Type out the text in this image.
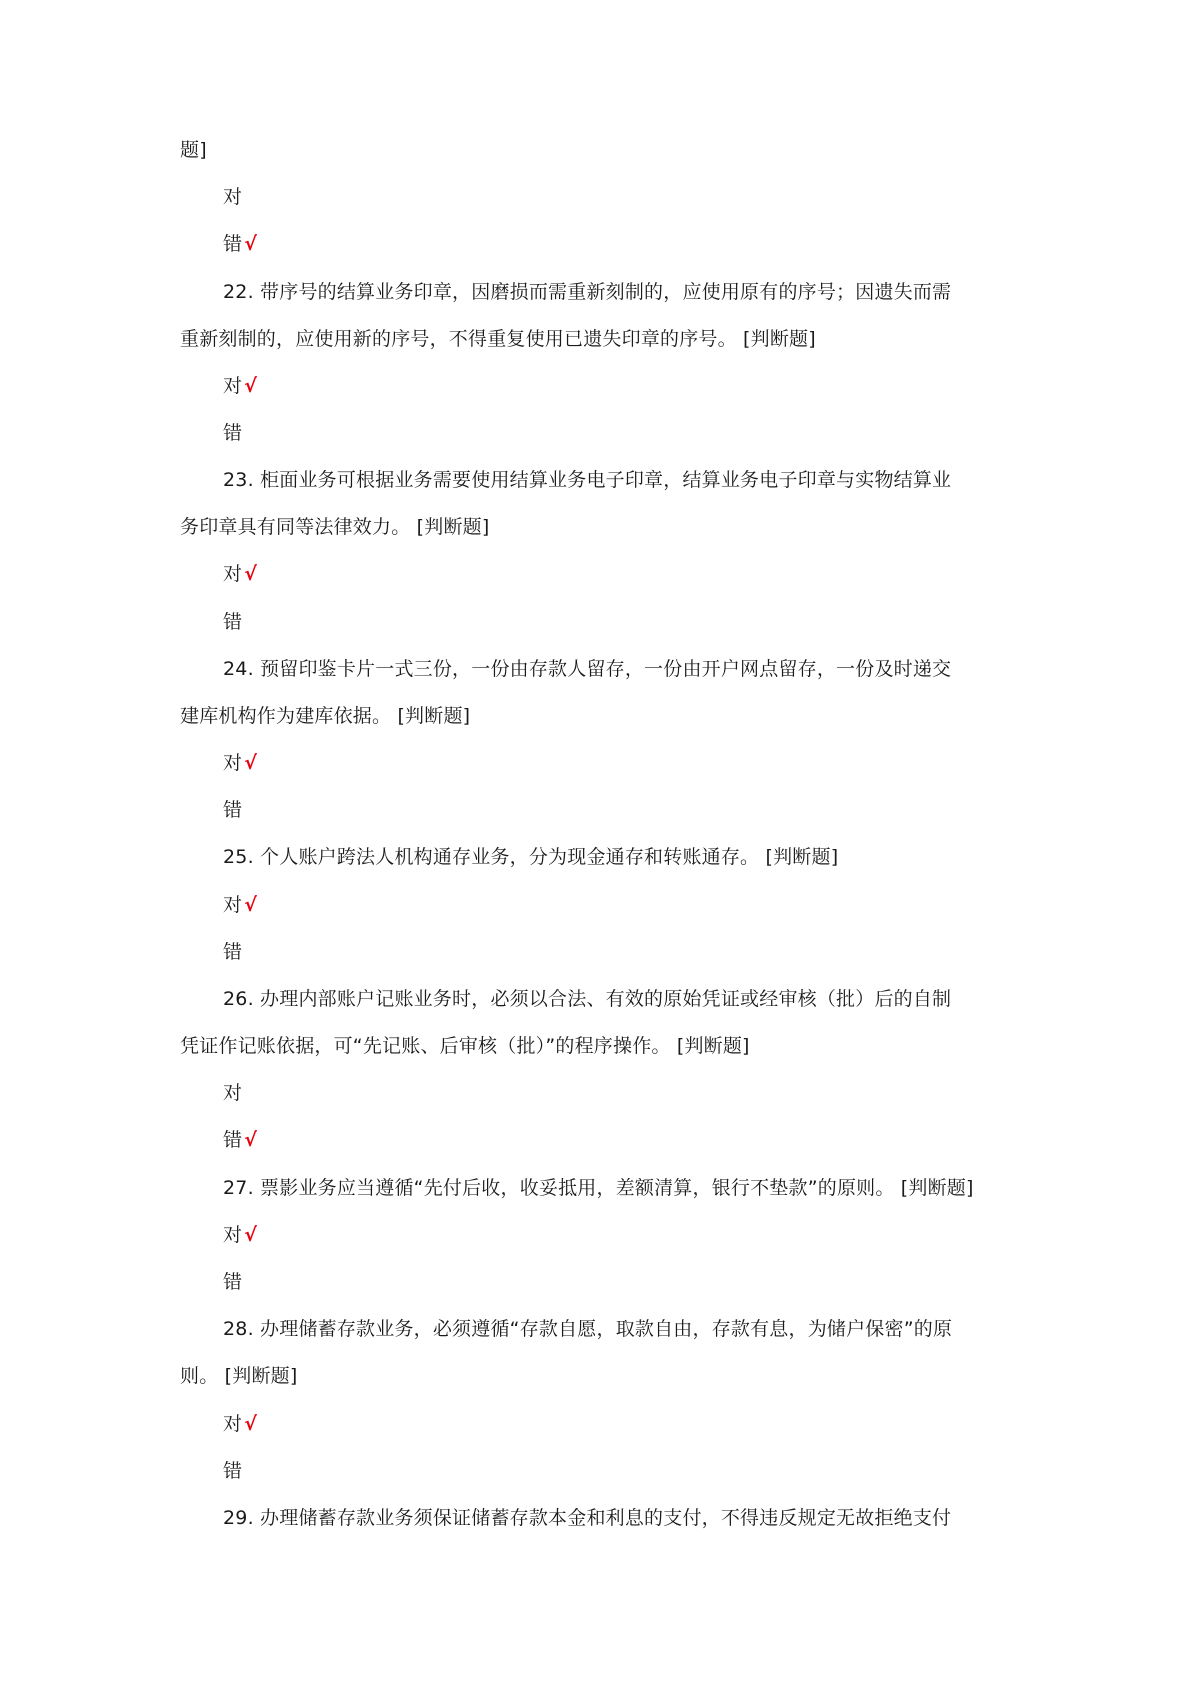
题]
对
错 √
22. 带序号的结算业务印章，因磨损而需重新刻制的，应使用原有的序号；因遗失而需
重新刻制的，应使用新的序号，不得重复使用已遗失印章的序号。 [判断题]
对 √
错
23. 柜面业务可根据业务需要使用结算业务电子印章，结算业务电子印章与实物结算业
务印章具有同等法律效力。 [判断题]
对 √
错
24. 预留印鉴卡片一式三份，一份由存款人留存，一份由开户网点留存，一份及时递交
建库机构作为建库依据。 [判断题]
对 √
错
25. 个人账户跨法人机构通存业务，分为现金通存和转账通存。 [判断题]
对 √
错
26. 办理内部账户记账业务时，必须以合法、有效的原始凭证或经审核（批）后的自制
凭证作记账依据，可“先记账、后审核（批）”的程序操作。 [判断题]
对
错 √
27. 票影业务应当遵循“先付后收，收妥抵用，差额清算，银行不垫款”的原则。 [判断题]
对 √
错
28. 办理储蓄存款业务，必须遵循“存款自愿，取款自由，存款有息，为储户保密”的原
则。 [判断题]
对 √
错
29. 办理储蓄存款业务须保证储蓄存款本金和利息的支付，不得违反规定无故拒绝支付
